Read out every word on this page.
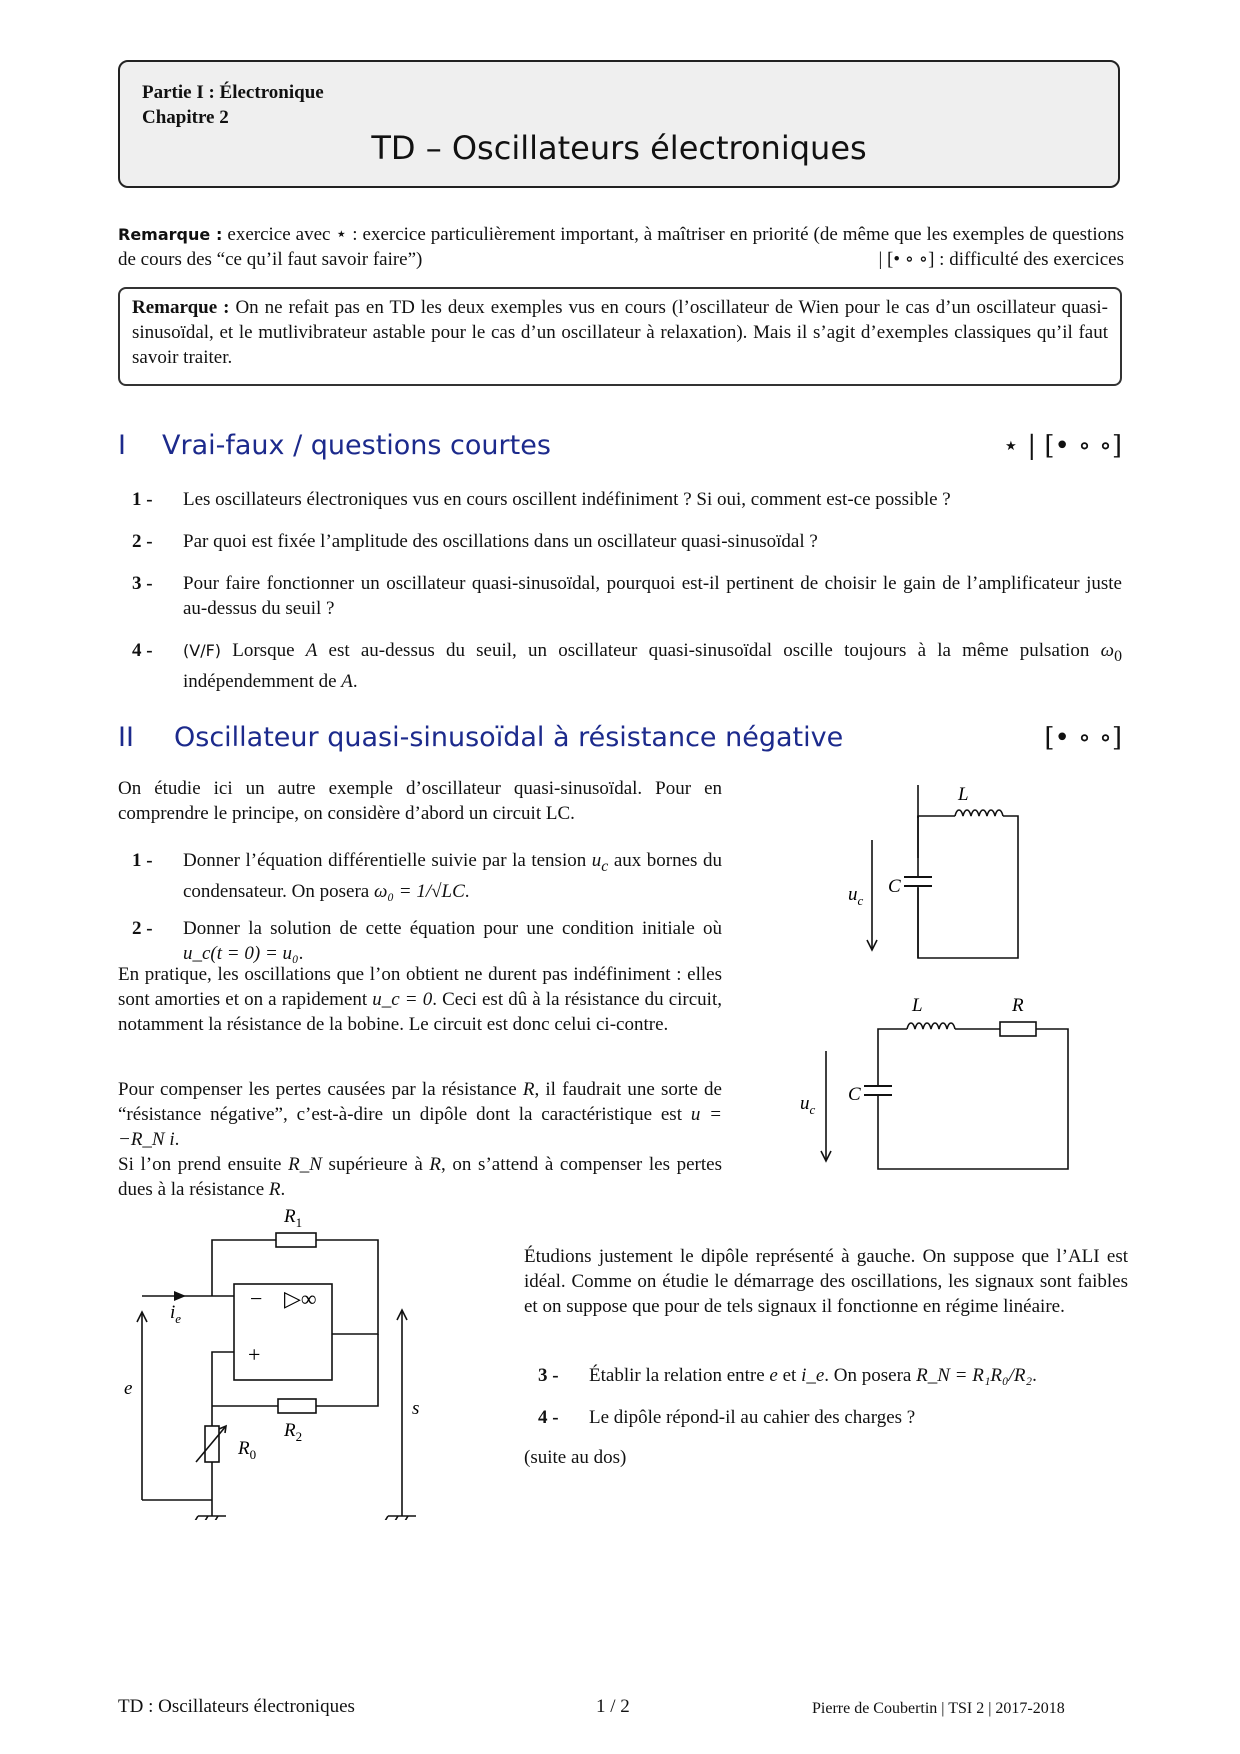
Partie I : Électronique
Chapitre 2
TD – Oscillateurs électroniques
Remarque : exercice avec ⋆ : exercice particulièrement important, à maîtriser en priorité (de même que les exemples de questions de cours des “ce qu’il faut savoir faire”)	| [• ∘ ∘] : difficulté des exercices
Remarque : On ne refait pas en TD les deux exemples vus en cours (l’oscillateur de Wien pour le cas d’un oscillateur quasi-sinusoïdal, et le mutlivibrateur astable pour le cas d’un oscillateur à relaxation). Mais il s’agit d’exemples classiques qu’il faut savoir traiter.
I Vrai-faux / questions courtes	⋆ | [• ∘ ∘]
1 - Les oscillateurs électroniques vus en cours oscillent indéfiniment ? Si oui, comment est-ce possible ?
2 - Par quoi est fixée l’amplitude des oscillations dans un oscillateur quasi-sinusoïdal ?
3 - Pour faire fonctionner un oscillateur quasi-sinusoïdal, pourquoi est-il pertinent de choisir le gain de l’amplificateur juste au-dessus du seuil ?
4 - (V/F) Lorsque A est au-dessus du seuil, un oscillateur quasi-sinusoïdal oscille toujours à la même pulsation $\omega_0$ indépendemment de A.
II Oscillateur quasi-sinusoïdal à résistance négative	[• ∘ ∘]
On étudie ici un autre exemple d’oscillateur quasi-sinusoïdal. Pour en comprendre le principe, on considère d’abord un circuit LC.
1 - Donner l’équation différentielle suivie par la tension $u_c$ aux bornes du condensateur. On posera ω₀ = 1/√LC.
2 - Donner la solution de cette équation pour une condition initiale où u_c(t = 0) = u₀.
En pratique, les oscillations que l’on obtient ne durent pas indéfiniment : elles sont amorties et on a rapidement u_c = 0. Ceci est dû à la résistance du circuit, notamment la résistance de la bobine. Le circuit est donc celui ci-contre.
Pour compenser les pertes causées par la résistance R, il faudrait une sorte de “résistance négative”, c’est-à-dire un dipôle dont la caractéristique est u = −R_N i.
Si l’on prend ensuite R_N supérieure à R, on s’attend à compenser les pertes dues à la résistance R.
Étudions justement le dipôle représenté à gauche. On suppose que l’ALI est idéal. Comme on étudie le démarrage des oscillations, les signaux sont faibles et on suppose que pour de tels signaux il fonctionne en régime linéaire.
3 - Établir la relation entre e et i_e. On posera R_N = R₁R₀/R₂.
4 - Le dipôle répond-il au cahier des charges ?
(suite au dos)
L
C
$u_c$
L	R
C
$u_c$
−
+
▷∞
$R_1$
$R_2$
$R_0$
$i_e$
e
s
TD : Oscillateurs électroniques	1 / 2	Pierre de Coubertin | TSI 2 | 2017-2018
